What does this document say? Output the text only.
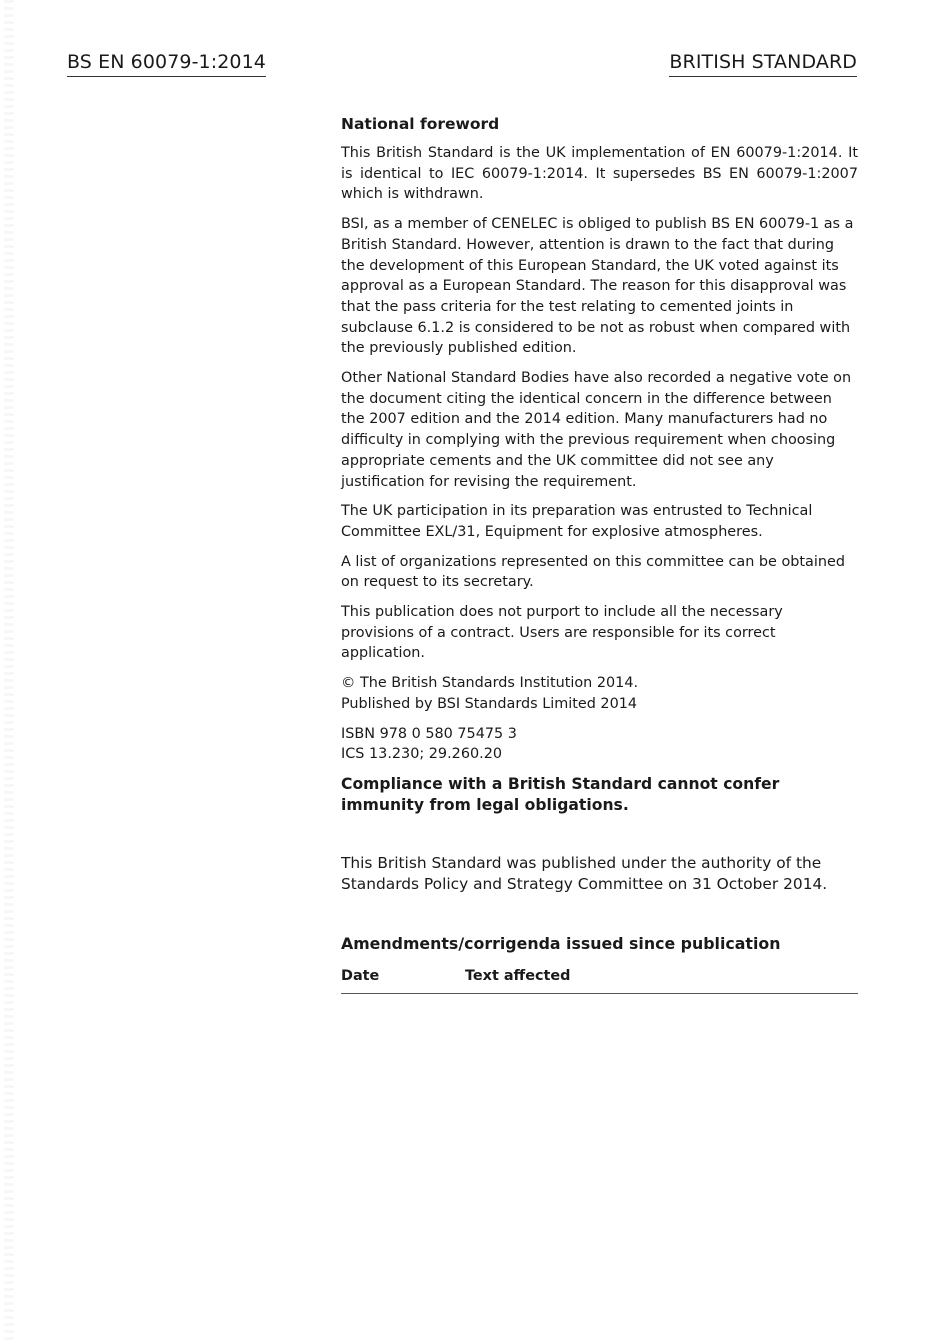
BS EN 60079-1:2014	BRITISH STANDARD
National foreword
This British Standard is the UK implementation of EN 60079-1:2014. It is identical to IEC 60079-1:2014. It supersedes BS EN 60079-1:2007 which is withdrawn.
BSI, as a member of CENELEC is obliged to publish BS EN 60079-1 as a British Standard. However, attention is drawn to the fact that during the development of this European Standard, the UK voted against its approval as a European Standard. The reason for this disapproval was that the pass criteria for the test relating to cemented joints in subclause 6.1.2 is considered to be not as robust when compared with the previously published edition.
Other National Standard Bodies have also recorded a negative vote on the document citing the identical concern in the difference between the 2007 edition and the 2014 edition. Many manufacturers had no difficulty in complying with the previous requirement when choosing appropriate cements and the UK committee did not see any justification for revising the requirement.
The UK participation in its preparation was entrusted to Technical Committee EXL/31, Equipment for explosive atmospheres.
A list of organizations represented on this committee can be obtained on request to its secretary.
This publication does not purport to include all the necessary provisions of a contract. Users are responsible for its correct application.
© The British Standards Institution 2014.
Published by BSI Standards Limited 2014
ISBN 978 0 580 75475 3
ICS 13.230; 29.260.20
Compliance with a British Standard cannot confer immunity from legal obligations.
This British Standard was published under the authority of the Standards Policy and Strategy Committee on 31 October 2014.
Amendments/corrigenda issued since publication
Date	Text affected
